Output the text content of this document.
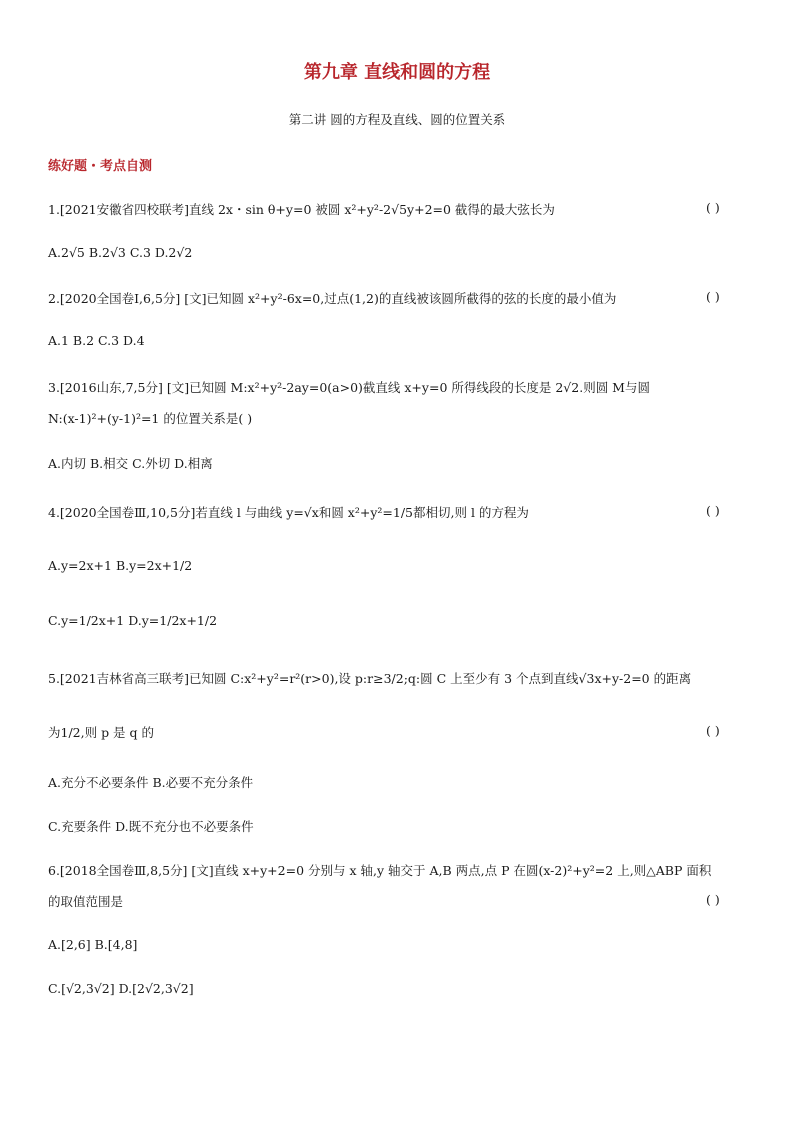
第九章 直线和圆的方程
第二讲 圆的方程及直线、圆的位置关系
练好题・考点自测
1.[2021安徽省四校联考]直线 2x・sin θ+y=0 被圆 x²+y²-2√5y+2=0 截得的最大弦长为	( )
A.2√5 B.2√3 C.3 D.2√2
2.[2020全国卷Ⅰ,6,5分] [文]已知圆 x²+y²-6x=0,过点(1,2)的直线被该圆所截得的弦的长度的最小值为	( )
A.1 B.2 C.3 D.4
3.[2016山东,7,5分] [文]已知圆 M:x²+y²-2ay=0(a>0)截直线 x+y=0 所得线段的长度是 2√2.则圆 M与圆
N:(x-1)²+(y-1)²=1 的位置关系是( )
A.内切 B.相交 C.外切 D.相离
4.[2020全国卷Ⅲ,10,5分]若直线 l 与曲线 y=√x和圆 x²+y²=1/5都相切,则 l 的方程为	( )
A.y=2x+1 B.y=2x+1/2
C.y=1/2x+1 D.y=1/2x+1/2
5.[2021吉林省高三联考]已知圆 C:x²+y²=r²(r>0),设 p:r≥3/2;q:圆 C 上至少有 3 个点到直线√3x+y-2=0 的距离
为1/2,则 p 是 q 的	( )
A.充分不必要条件 B.必要不充分条件
C.充要条件 D.既不充分也不必要条件
6.[2018全国卷Ⅲ,8,5分] [文]直线 x+y+2=0 分别与 x 轴,y 轴交于 A,B 两点,点 P 在圆(x-2)²+y²=2 上,则△ABP 面积
的取值范围是	( )
A.[2,6] B.[4,8]
C.[√2,3√2] D.[2√2,3√2]
